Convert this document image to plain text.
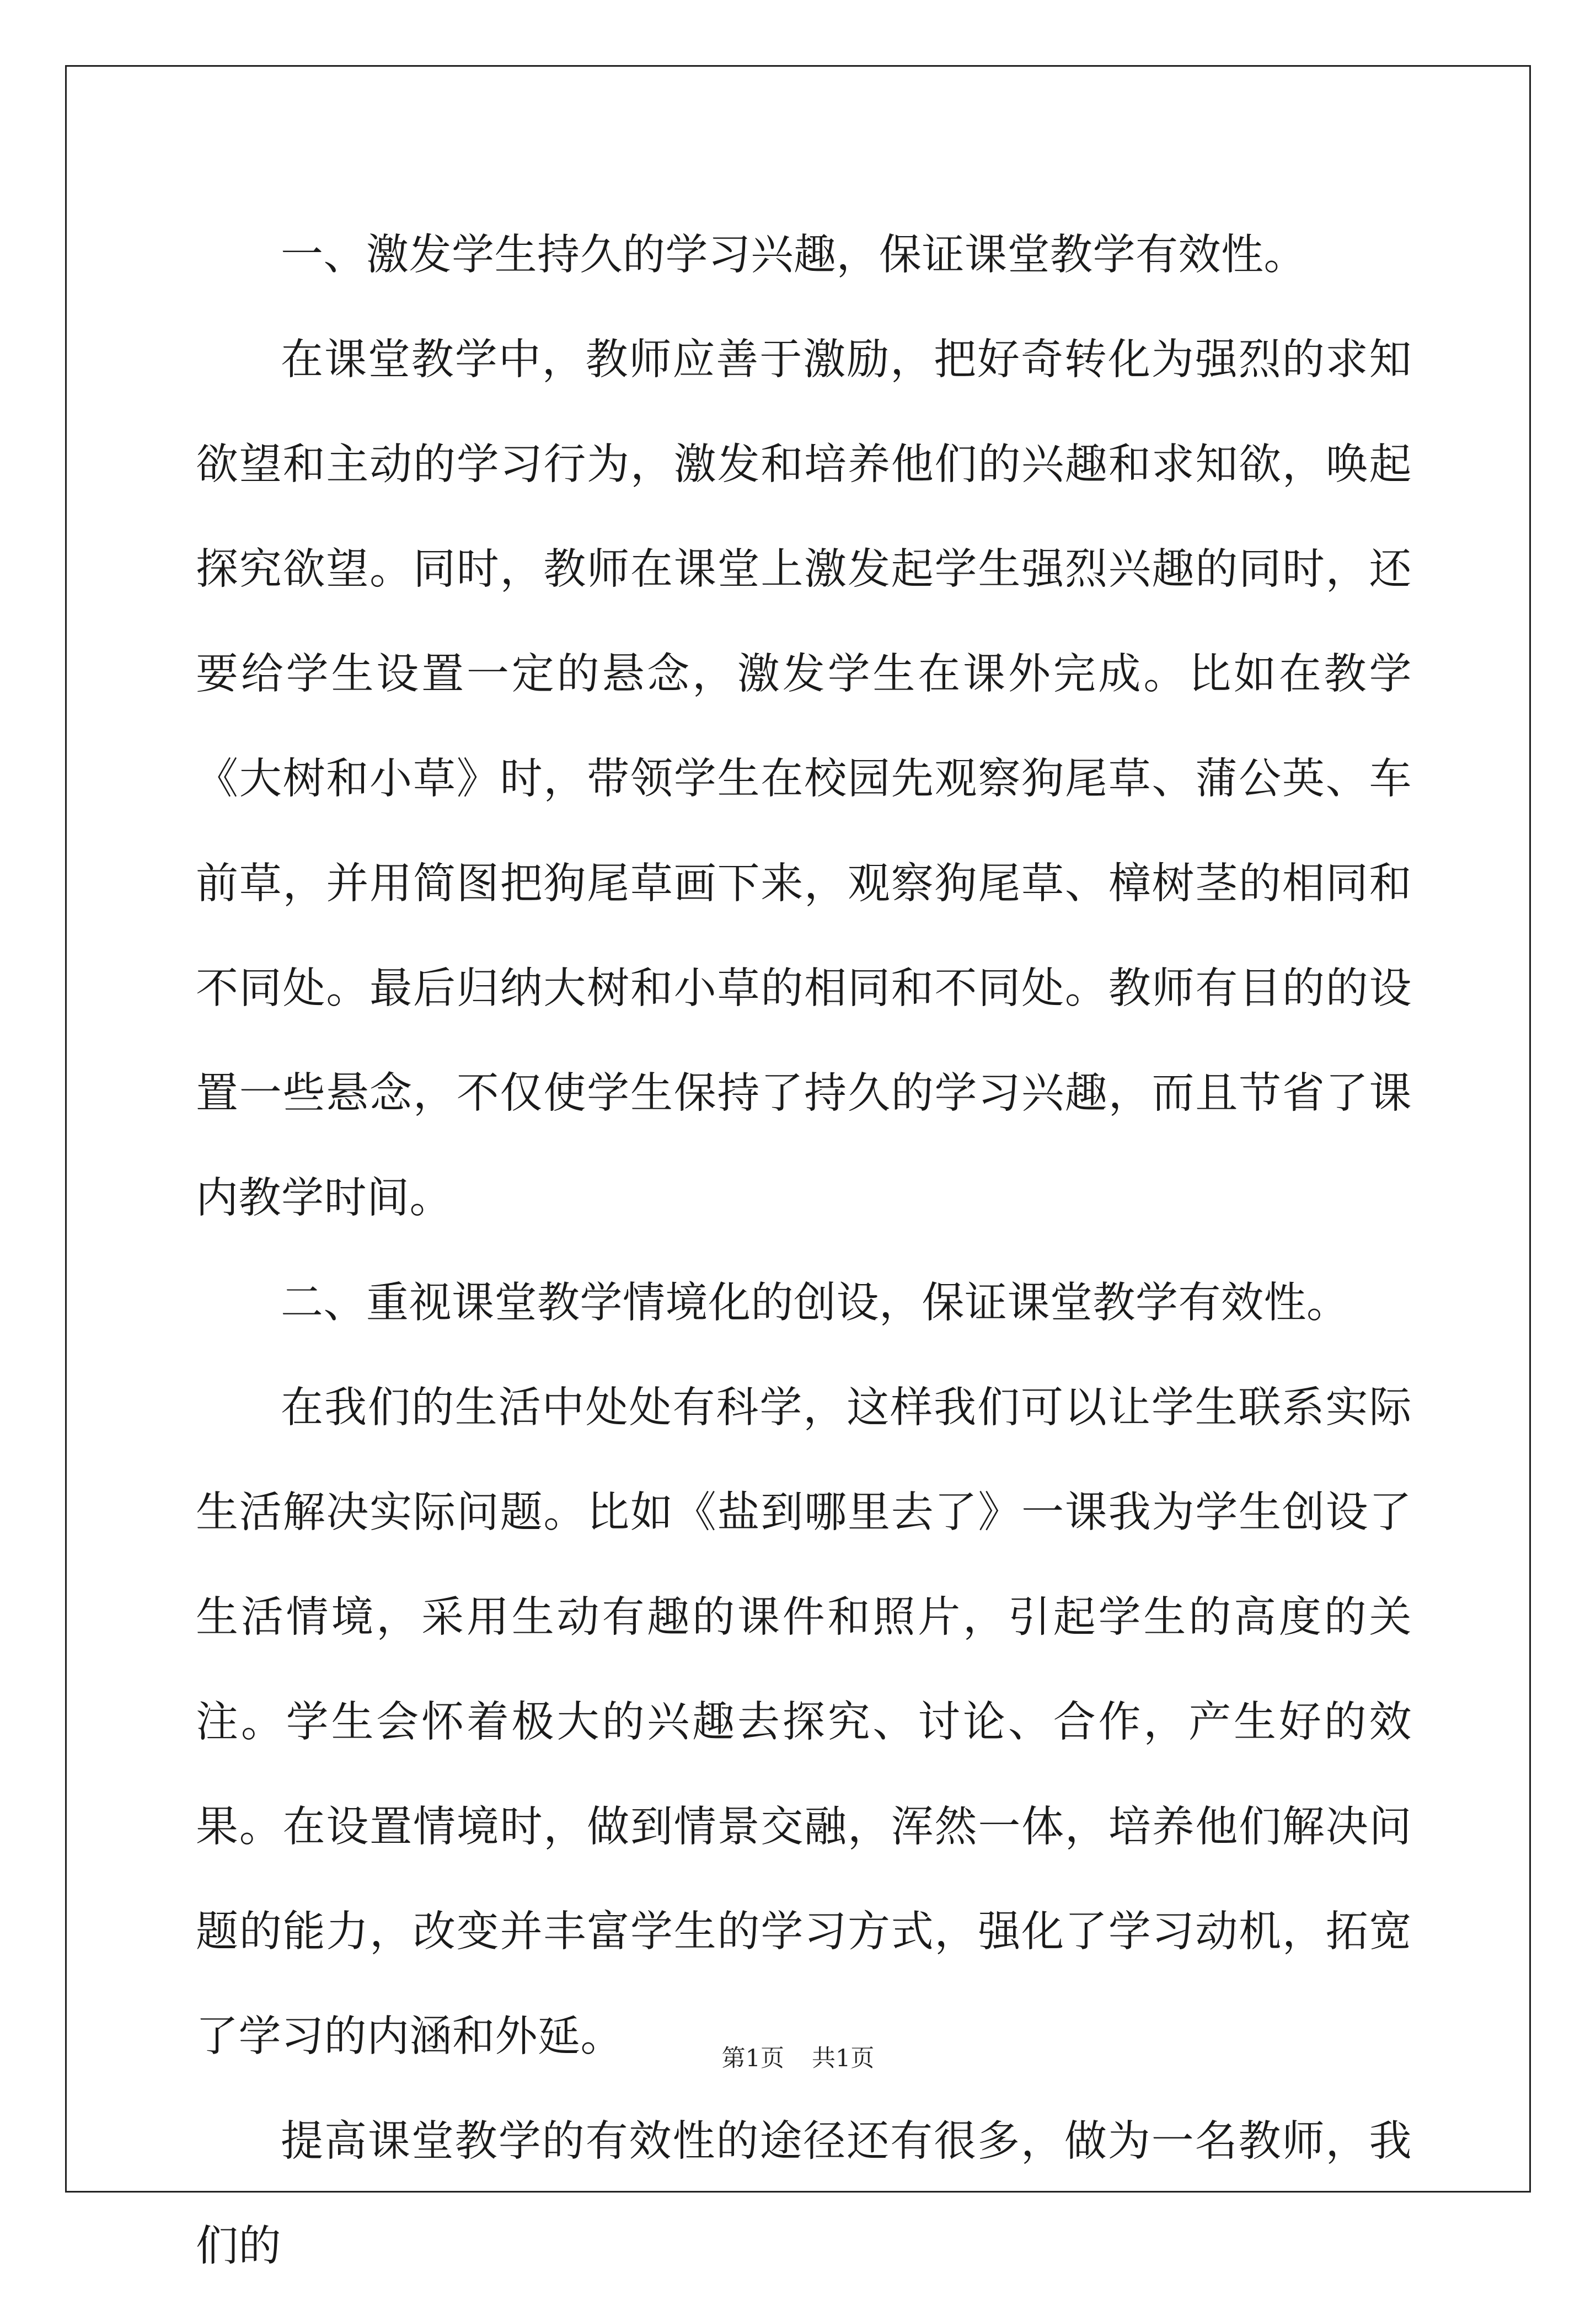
一、激发学生持久的学习兴趣，保证课堂教学有效性。

在课堂教学中，教师应善于激励，把好奇转化为强烈的求知欲望和主动的学习行为，激发和培养他们的兴趣和求知欲，唤起探究欲望。同时，教师在课堂上激发起学生强烈兴趣的同时，还要给学生设置一定的悬念，激发学生在课外完成。比如在教学《大树和小草》时，带领学生在校园先观察狗尾草、蒲公英、车前草，并用简图把狗尾草画下来，观察狗尾草、樟树茎的相同和不同处。最后归纳大树和小草的相同和不同处。教师有目的的设置一些悬念，不仅使学生保持了持久的学习兴趣，而且节省了课内教学时间。

二、重视课堂教学情境化的创设，保证课堂教学有效性。

在我们的生活中处处有科学，这样我们可以让学生联系实际生活解决实际问题。比如《盐到哪里去了》一课我为学生创设了生活情境，采用生动有趣的课件和照片，引起学生的高度的关注。学生会怀着极大的兴趣去探究、讨论、合作，产生好的效果。在设置情境时，做到情景交融，浑然一体，培养他们解决问题的能力，改变并丰富学生的学习方式，强化了学习动机，拓宽了学习的内涵和外延。

提高课堂教学的有效性的途径还有很多，做为一名教师，我们的

第1页 共1页
